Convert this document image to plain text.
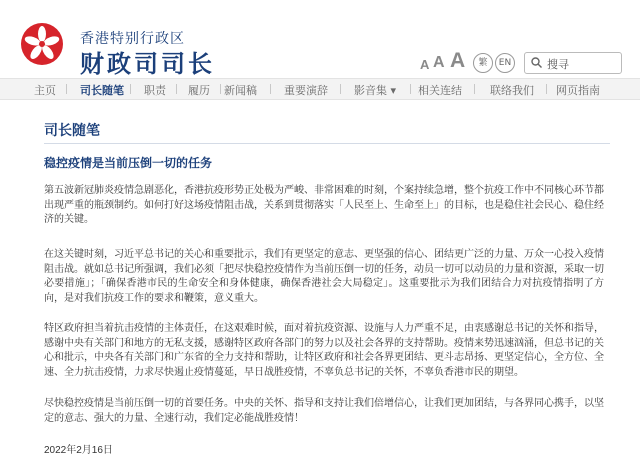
香港特别行政区
财政司司长	A A A	繁	EN	搜寻
主页 司长随笔 职责 履历 新闻稿 重要演辞 影音集 ▾ 相关连结	联络我们 网页指南
司长随笔
稳控疫情是当前压倒一切的任务

第五波新冠肺炎疫情急剧恶化，香港抗疫形势正处极为严峻、非常困难的时刻，个案持续急增，整个抗疫工作中不同核心环节都出现严重的瓶颈制约。如何打好这场疫情阻击战，关系到贯彻落实「人民至上、生命至上」的目标，也是稳住社会民心、稳住经济的关键。

在这关键时刻，习近平总书记的关心和重要批示，我们有更坚定的意志、更坚强的信心、团结更广泛的力量、万众一心投入疫情阻击战。就如总书记所强调，我们必须「把尽快稳控疫情作为当前压倒一切的任务，动员一切可以动员的力量和资源，采取一切必要措施」；「确保香港市民的生命安全和身体健康，确保香港社会大局稳定」。这重要批示为我们团结合力对抗疫情指明了方向，是对我们抗疫工作的要求和鞭策，意义重大。

特区政府担当着抗击疫情的主体责任，在这艰难时候，面对着抗疫资源、设施与人力严重不足，由衷感谢总书记的关怀和指导，感谢中央有关部门和地方的无私支援，感谢特区政府各部门的努力以及社会各界的支持帮助。疫情来势迅速汹涌，但总书记的关心和批示，中央各有关部门和广东省的全力支持和帮助，让特区政府和社会各界更团结、更斗志昂扬、更坚定信心，全方位、全速、全力抗击疫情，力求尽快遏止疫情蔓延，早日战胜疫情，不辜负总书记的关怀，不辜负香港市民的期望。

尽快稳控疫情是当前压倒一切的首要任务。中央的关怀、指导和支持让我们倍增信心，让我们更加团结，与各界同心携手，以坚定的意志、强大的力量、全速行动，我们定必能战胜疫情！

2022年2月16日
